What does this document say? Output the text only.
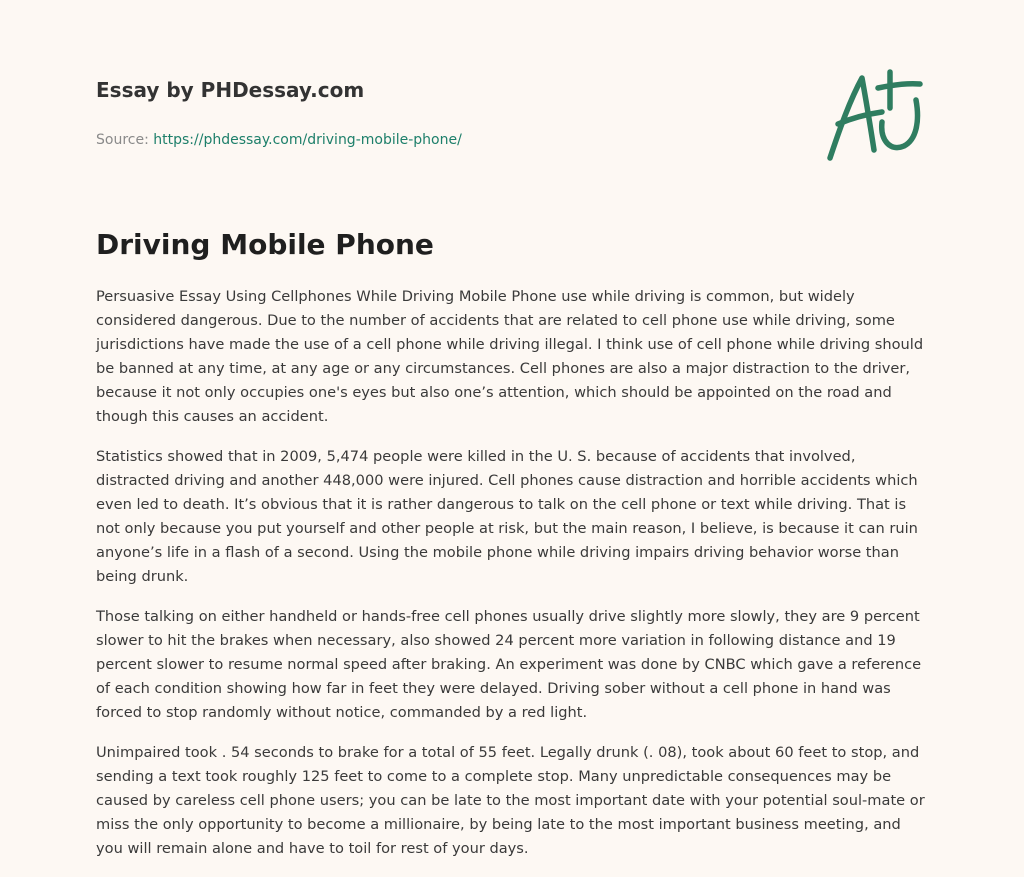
Essay by PHDessay.com
Source: https://phdessay.com/driving-mobile-phone/
Driving Mobile Phone

Persuasive Essay Using Cellphones While Driving Mobile Phone use while driving is common, but widely considered dangerous. Due to the number of accidents that are related to cell phone use while driving, some jurisdictions have made the use of a cell phone while driving illegal. I think use of cell phone while driving should be banned at any time, at any age or any circumstances. Cell phones are also a major distraction to the driver, because it not only occupies one's eyes but also one’s attention, which should be appointed on the road and though this causes an accident.

Statistics showed that in 2009, 5,474 people were killed in the U. S. because of accidents that involved, distracted driving and another 448,000 were injured. Cell phones cause distraction and horrible accidents which even led to death. It’s obvious that it is rather dangerous to talk on the cell phone or text while driving. That is not only because you put yourself and other people at risk, but the main reason, I believe, is because it can ruin anyone’s life in a flash of a second. Using the mobile phone while driving impairs driving behavior worse than being drunk.

Those talking on either handheld or hands-free cell phones usually drive slightly more slowly, they are 9 percent slower to hit the brakes when necessary, also showed 24 percent more variation in following distance and 19 percent slower to resume normal speed after braking. An experiment was done by CNBC which gave a reference of each condition showing how far in feet they were delayed. Driving sober without a cell phone in hand was forced to stop randomly without notice, commanded by a red light.

Unimpaired took . 54 seconds to brake for a total of 55 feet. Legally drunk (. 08), took about 60 feet to stop, and sending a text took roughly 125 feet to come to a complete stop. Many unpredictable consequences may be caused by careless cell phone users; you can be late to the most important date with your potential soul-mate or miss the only opportunity to become a millionaire, by being late to the most important business meeting, and you will remain alone and have to toil for rest of your days.
